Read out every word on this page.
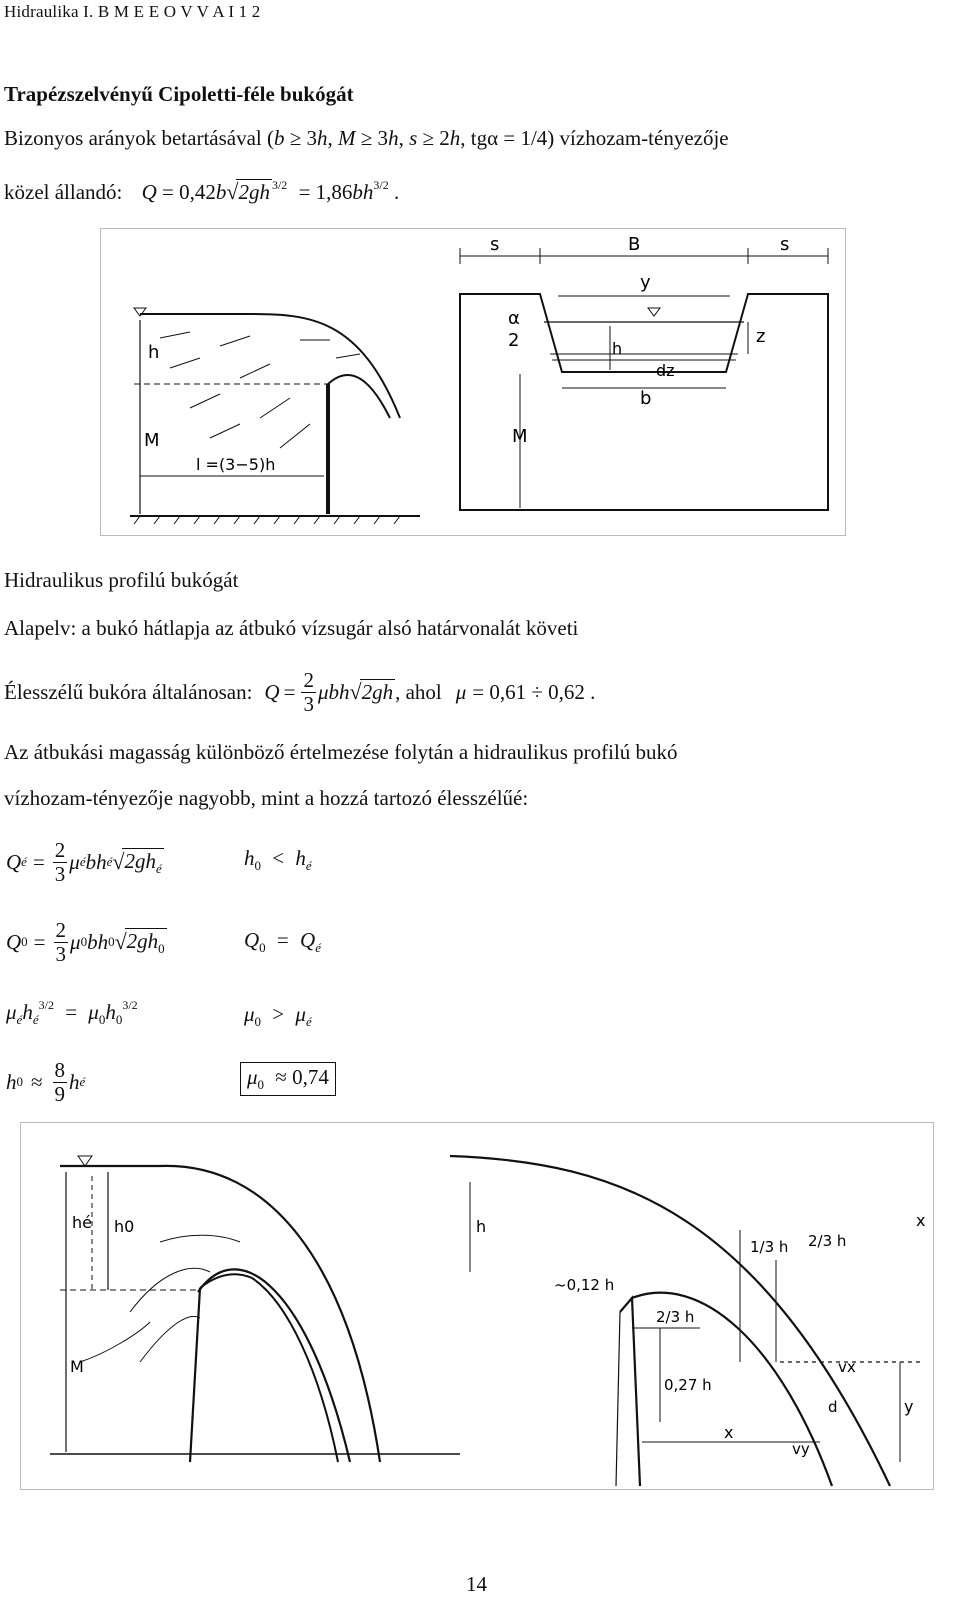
Hidraulika I. B M E E O V V A I 1 2
Trapézszelvényű Cipoletti-féle bukógát
Bizonyos arányok betartásával (b ≥ 3h, M ≥ 3h, s ≥ 2h, tgα = 1/4) vízhozam-tényezője
közel állandó: Q = 0,42b√2gh $^{3/2} = 1,86bh^{3/2}$ .
h
M
l =(3−5)h
s	B	s
y
α
2	z
h
dz
b
M
Hidraulikus profilú bukógát
Alapelv: a bukó hátlapja az átbukó vízsugár alsó határvonalát követi
Élesszélű bukóra általánosan: $Q = \frac{2}{3}$ μbh √ 2gh , ahol μ = 0,61 ÷ 0,62 .
Az átbukási magasság különböző értelmezése folytán a hidraulikus profilú bukó
vízhozam-tényezője nagyobb, mint a hozzá tartozó élesszélűé:
Q é = $\frac{2}{3}$ μ é bh é √ $2gh_é$	$h_0 < h_é$
Q $0 = \frac{2}{3}$ μ 0 bh 0 √ $2gh_0$	$Q_0 = Q_é$
$\mu_éh_é^{3/2} = \mu_0h_0^{3/2}$	$\mu_0 > \mu_é$
h $0 \approx \frac{8}{9}$ h é	$\mu_0 \approx 0,74$
hé h0
M
h
2/3 h
1/3 h
x
~0,12 h
2/3 h
0,27 h
y
vx
d
x
vy
14
